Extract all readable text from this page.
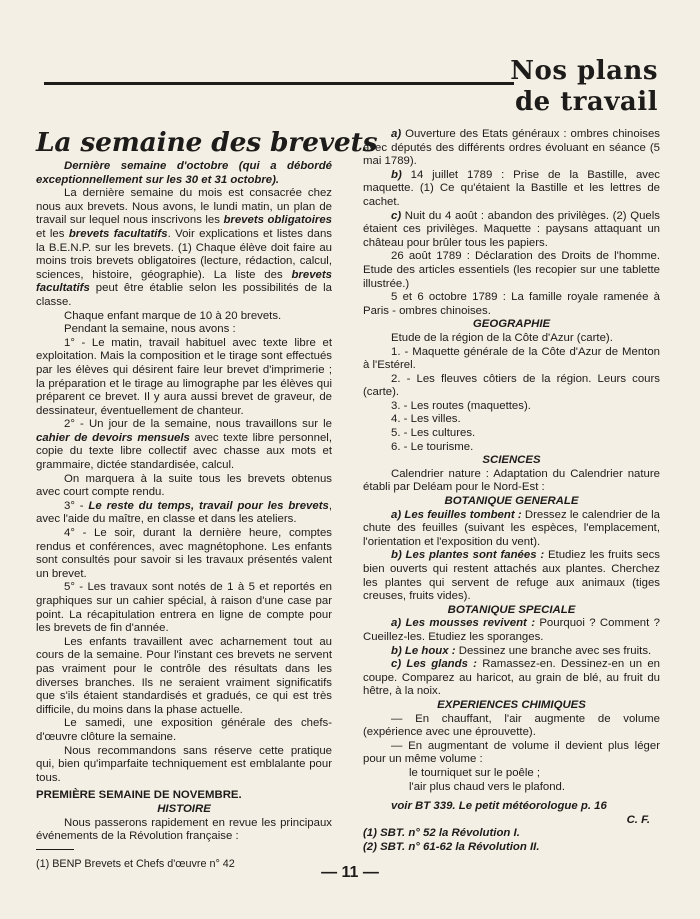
Nos plans
de travail
La semaine des brevets

Dernière semaine d'octobre (qui a débordé exceptionnellement sur les 30 et 31 octobre).

La dernière semaine du mois est consacrée chez nous aux brevets. Nous avons, le lundi matin, un plan de travail sur lequel nous inscrivons les brevets obligatoires et les brevets facultatifs. Voir explications et listes dans la B.E.N.P. sur les brevets. (1) Chaque élève doit faire au moins trois brevets obligatoires (lecture, rédaction, calcul, sciences, histoire, géographie). La liste des brevets facultatifs peut être établie selon les possibilités de la classe.

Chaque enfant marque de 10 à 20 brevets.

Pendant la semaine, nous avons :

1° - Le matin, travail habituel avec texte libre et exploitation. Mais la composition et le tirage sont effectués par les élèves qui désirent faire leur brevet d'imprimerie ; la préparation et le tirage au limographe par les élèves qui préparent ce brevet. Il y aura aussi brevet de graveur, de dessinateur, éventuellement de chanteur.

2° - Un jour de la semaine, nous travaillons sur le cahier de devoirs mensuels avec texte libre personnel, copie du texte libre collectif avec chasse aux mots et grammaire, dictée standardisée, calcul.

On marquera à la suite tous les brevets obtenus avec court compte rendu.

3° - Le reste du temps, travail pour les brevets, avec l'aide du maître, en classe et dans les ateliers.

4° - Le soir, durant la dernière heure, comptes rendus et conférences, avec magnétophone. Les enfants sont consultés pour savoir si les travaux présentés valent un brevet.

5° - Les travaux sont notés de 1 à 5 et reportés en graphiques sur un cahier spécial, à raison d'une case par point. La récapitulation entrera en ligne de compte pour les brevets de fin d'année.

Les enfants travaillent avec acharnement tout au cours de la semaine. Pour l'instant ces brevets ne servent pas vraiment pour le contrôle des résultats dans les diverses branches. Ils ne seraient vraiment significatifs que s'ils étaient standardisés et gradués, ce qui est très difficile, du moins dans la phase actuelle.

Le samedi, une exposition générale des chefs-d'œuvre clôture la semaine.

Nous recommandons sans réserve cette pratique qui, bien qu'imparfaite techniquement est emblalante pour tous.

PREMIÈRE SEMAINE DE NOVEMBRE.

HISTOIRE

Nous passerons rapidement en revue les principaux événements de la Révolution française :

(1) BENP Brevets et Chefs d'œuvre n° 42

a) Ouverture des Etats généraux : ombres chinoises avec députés des différents ordres évoluant en séance (5 mai 1789).

b) 14 juillet 1789 : Prise de la Bastille, avec maquette. (1) Ce qu'étaient la Bastille et les lettres de cachet.

c) Nuit du 4 août : abandon des privilèges. (2) Quels étaient ces privilèges. Maquette : paysans attaquant un château pour brûler tous les papiers.

26 août 1789 : Déclaration des Droits de l'homme. Etude des articles essentiels (les recopier sur une tablette illustrée.)

5 et 6 octobre 1789 : La famille royale ramenée à Paris - ombres chinoises.

GEOGRAPHIE

Etude de la région de la Côte d'Azur (carte).

1. - Maquette générale de la Côte d'Azur de Menton à l'Estérel.

2. - Les fleuves côtiers de la région. Leurs cours (carte).

3. - Les routes (maquettes).

4. - Les villes.

5. - Les cultures.

6. - Le tourisme.

SCIENCES

Calendrier nature : Adaptation du Calendrier nature établi par Deléam pour le Nord-Est :

BOTANIQUE GENERALE

a) Les feuilles tombent : Dressez le calendrier de la chute des feuilles (suivant les espèces, l'emplacement, l'orientation et l'exposition du vent).

b) Les plantes sont fanées : Etudiez les fruits secs bien ouverts qui restent attachés aux plantes. Cherchez les plantes qui servent de refuge aux animaux (tiges creuses, fruits vides).

BOTANIQUE SPECIALE

a) Les mousses revivent : Pourquoi ? Comment ? Cueillez-les. Etudiez les sporanges.

b) Le houx : Dessinez une branche avec ses fruits.

c) Les glands : Ramassez-en. Dessinez-en un en coupe. Comparez au haricot, au grain de blé, au fruit du hêtre, à la noix.

EXPERIENCES CHIMIQUES

— En chauffant, l'air augmente de volume (expérience avec une éprouvette).

— En augmentant de volume il devient plus léger pour un même volume :

le tourniquet sur le poêle ;

l'air plus chaud vers le plafond.

voir BT 339. Le petit météorologue p. 16

C. F.

(1) SBT. n° 52 la Révolution I.

(2) SBT. n° 61-62 la Révolution II.

— 11 —
